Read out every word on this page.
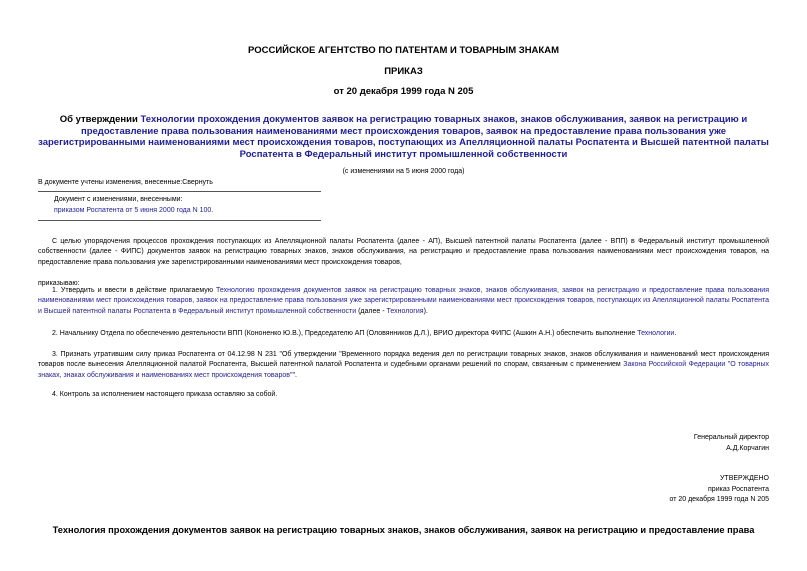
РОССИЙСКОЕ АГЕНТСТВО ПО ПАТЕНТАМ И ТОВАРНЫМ ЗНАКАМ
ПРИКАЗ
от 20 декабря 1999 года N 205
Об утверждении Технологии прохождения документов заявок на регистрацию товарных знаков, знаков обслуживания, заявок на регистрацию и предоставление права пользования наименованиями мест происхождения товаров, заявок на предоставление права пользования уже зарегистрированными наименованиями мест происхождения товаров, поступающих из Апелляционной палаты Роспатента и Высшей патентной палаты Роспатента в Федеральный институт промышленной собственности
(с изменениями на 5 июня 2000 года)
В документе учтены изменения, внесенные:Свернуть
Документ с изменениями, внесенными:
приказом Роспатента от 5 июня 2000 года N 100.
С целью упорядочения процессов прохождения поступающих из Апелляционной палаты Роспатента (далее - АП), Высшей патентной палаты Роспатента (далее - ВПП) в Федеральный институт промышленной собственности (далее - ФИПС) документов заявок на регистрацию товарных знаков, знаков обслуживания, на регистрацию и предоставление права пользования наименованиями мест происхождения товаров, на предоставление права пользования уже зарегистрированными наименованиями мест происхождения товаров,
приказываю:
1. Утвердить и ввести в действие прилагаемую Технологию прохождения документов заявок на регистрацию товарных знаков, знаков обслуживания, заявок на регистрацию и предоставление права пользования наименованиями мест происхождения товаров, заявок на предоставление права пользования уже зарегистрированными наименованиями мест происхождения товаров, поступающих из Апелляционной палаты Роспатента и Высшей патентной палаты Роспатента в Федеральный институт промышленной собственности (далее - Технология).
2. Начальнику Отдела по обеспечению деятельности ВПП (Кононенко Ю.В.), Председателю АП (Оловянников Д.Л.), ВРИО директора ФИПС (Ашкин А.Н.) обеспечить выполнение Технологии.
3. Признать утратившим силу приказ Роспатента от 04.12.98 N 231 "Об утверждении "Временного порядка ведения дел по регистрации товарных знаков, знаков обслуживания и наименований мест происхождения товаров после вынесения Апелляционной палатой Роспатента, Высшей патентной палатой Роспатента и судебными органами решений по спорам, связанным с применением Закона Российской Федерации "О товарных знаках, знаках обслуживания и наименованиях мест происхождения товаров"".
4. Контроль за исполнением настоящего приказа оставляю за собой.
Генеральный директор
А.Д.Корчагин
УТВЕРЖДЕНО
приказ Роспатента
от 20 декабря 1999 года N 205
Технология прохождения документов заявок на регистрацию товарных знаков, знаков обслуживания, заявок на регистрацию и предоставление права
